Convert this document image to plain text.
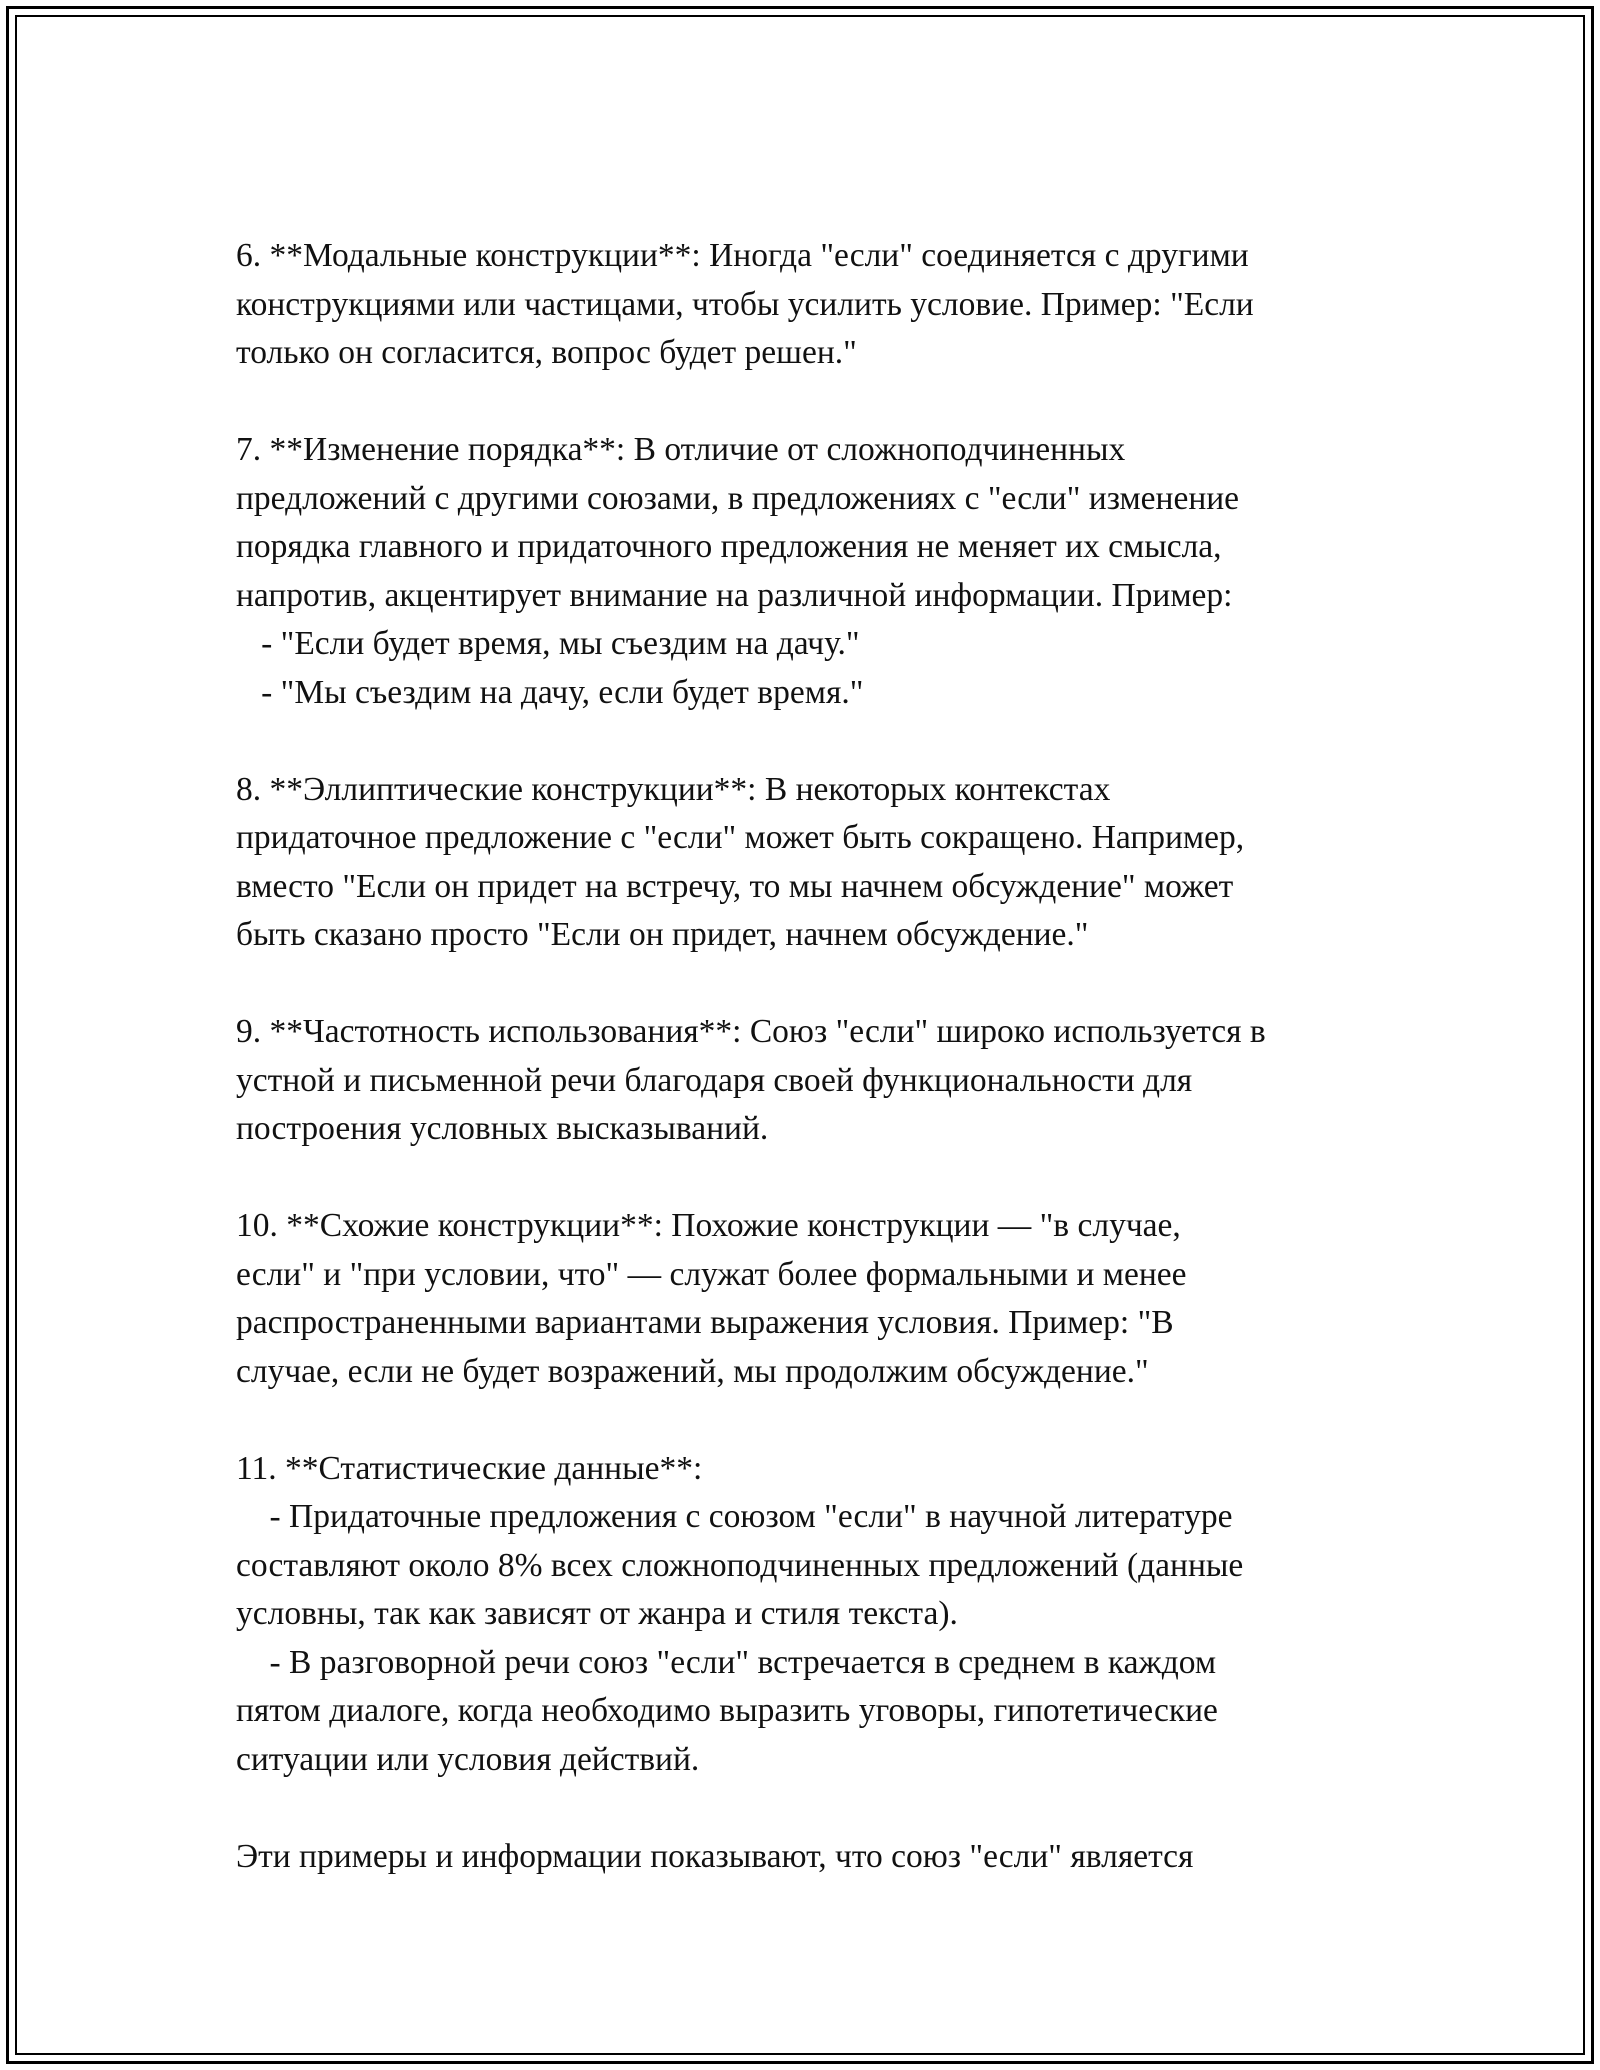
6. **Модальные конструкции**: Иногда "если" соединяется с другими
конструкциями или частицами, чтобы усилить условие. Пример: "Если
только он согласится, вопрос будет решен."
7. **Изменение порядка**: В отличие от сложноподчиненных
предложений с другими союзами, в предложениях с "если" изменение
порядка главного и придаточного предложения не меняет их смысла,
напротив, акцентирует внимание на различной информации. Пример:
- "Если будет время, мы съездим на дачу."
- "Мы съездим на дачу, если будет время."
8. **Эллиптические конструкции**: В некоторых контекстах
придаточное предложение с "если" может быть сокращено. Например,
вместо "Если он придет на встречу, то мы начнем обсуждение" может
быть сказано просто "Если он придет, начнем обсуждение."
9. **Частотность использования**: Союз "если" широко используется в
устной и письменной речи благодаря своей функциональности для
построения условных высказываний.
10. **Схожие конструкции**: Похожие конструкции — "в случае,
если" и "при условии, что" — служат более формальными и менее
распространенными вариантами выражения условия. Пример: "В
случае, если не будет возражений, мы продолжим обсуждение."
11. **Статистические данные**:
- Придаточные предложения с союзом "если" в научной литературе
составляют около 8% всех сложноподчиненных предложений (данные
условны, так как зависят от жанра и стиля текста).
- В разговорной речи союз "если" встречается в среднем в каждом
пятом диалоге, когда необходимо выразить уговоры, гипотетические
ситуации или условия действий.
Эти примеры и информации показывают, что союз "если" является
